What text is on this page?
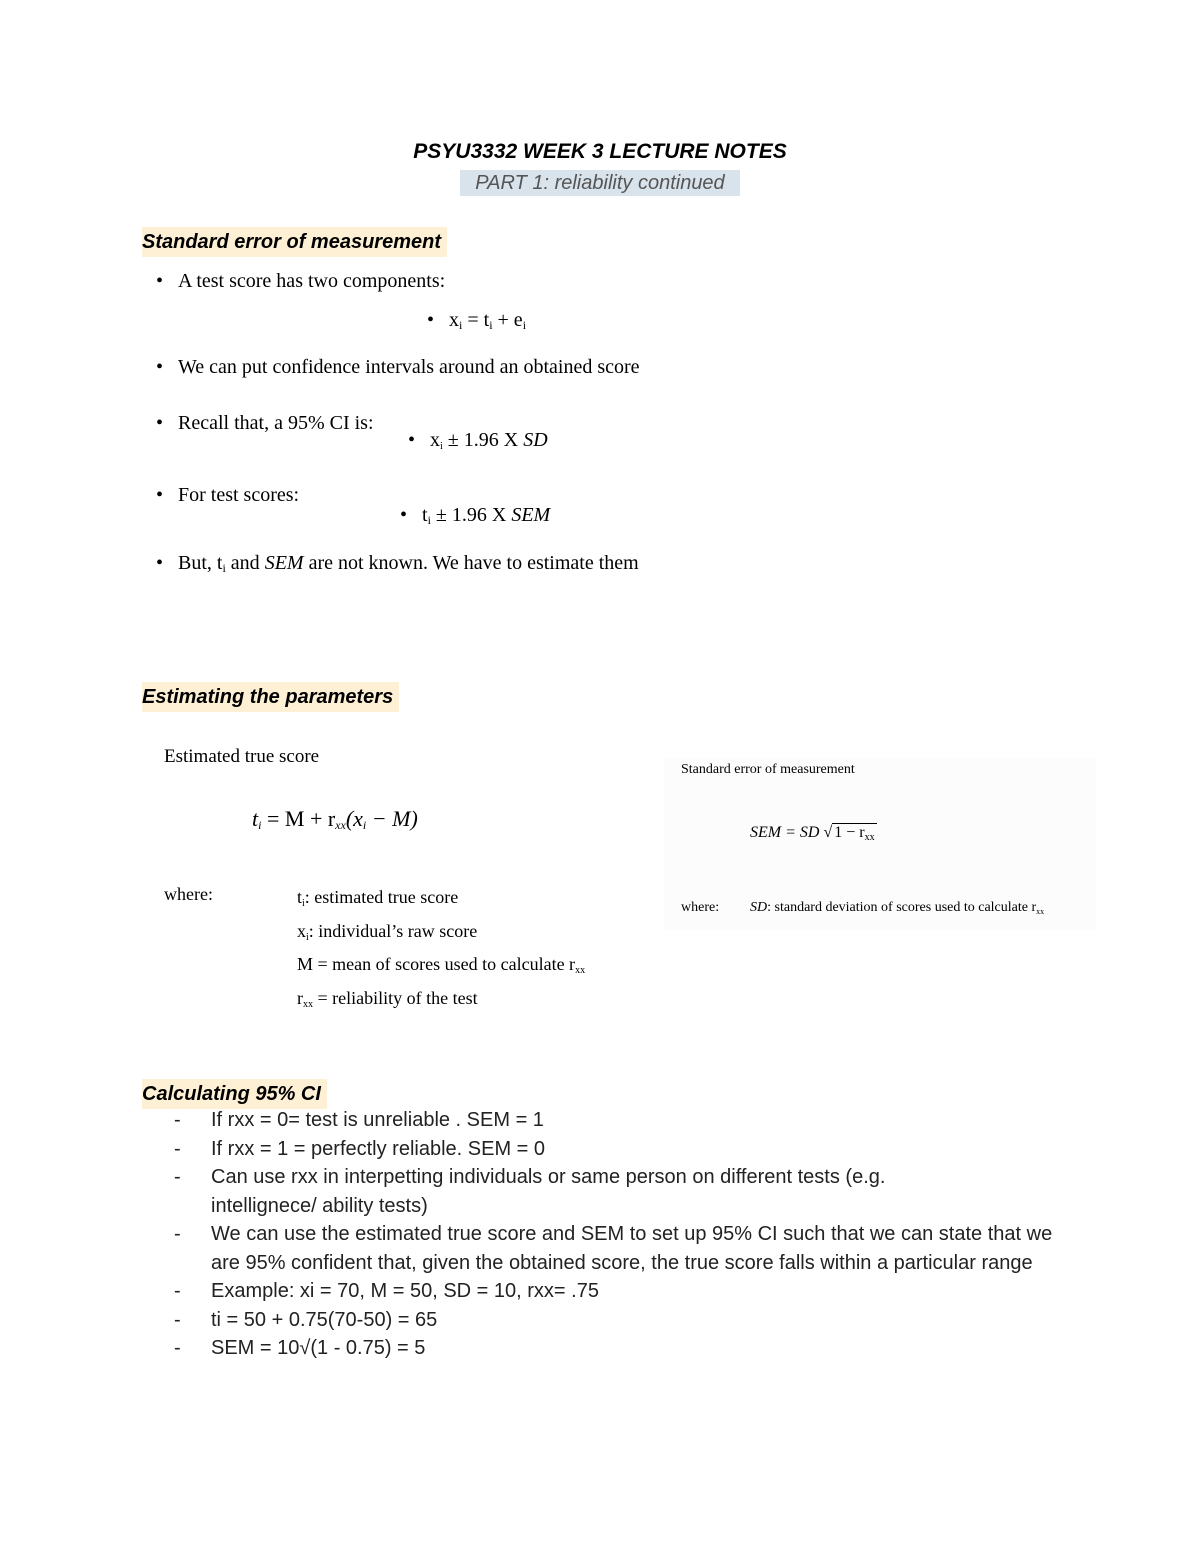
PSYU3332 WEEK 3 LECTURE NOTES
PART 1: reliability continued
Standard error of measurement
• A test score has two components:
• $x_i = t_i + e_i$
• We can put confidence intervals around an obtained score
• Recall that, a 95% CI is:
• xi ± 1.96 X SD
• For test scores:
• $t_i \pm 1.96$ X SEM
• But, $t_i$ and SEM are not known. We have to estimate them
Estimating the parameters
Estimated true score
$t_i = M + r_{xx}(x_i - M)$
where:	ti: estimated true score
xi: individual’s raw score
M = mean of scores used to calculate rxx
rxx = reliability of the test
Standard error of measurement
SEM = SD √ 1 − rxx
where: SD: standard deviation of scores used to calculate $r_{xx}$
Calculating 95% CI
-	If rxx = 0= test is unreliable . SEM = 1
-	If rxx = 1 = perfectly reliable. SEM = 0
-	Can use rxx in interpetting individuals or same person on different tests (e.g. intellignece/ ability tests)
-	We can use the estimated true score and SEM to set up 95% CI such that we can state that we are 95% confident that, given the obtained score, the true score falls within a particular range
-	Example: xi = 70, M = 50, SD = 10, rxx= .75
-	ti = 50 + 0.75(70-50) = 65
-	SEM = 10√(1 - 0.75) = 5
